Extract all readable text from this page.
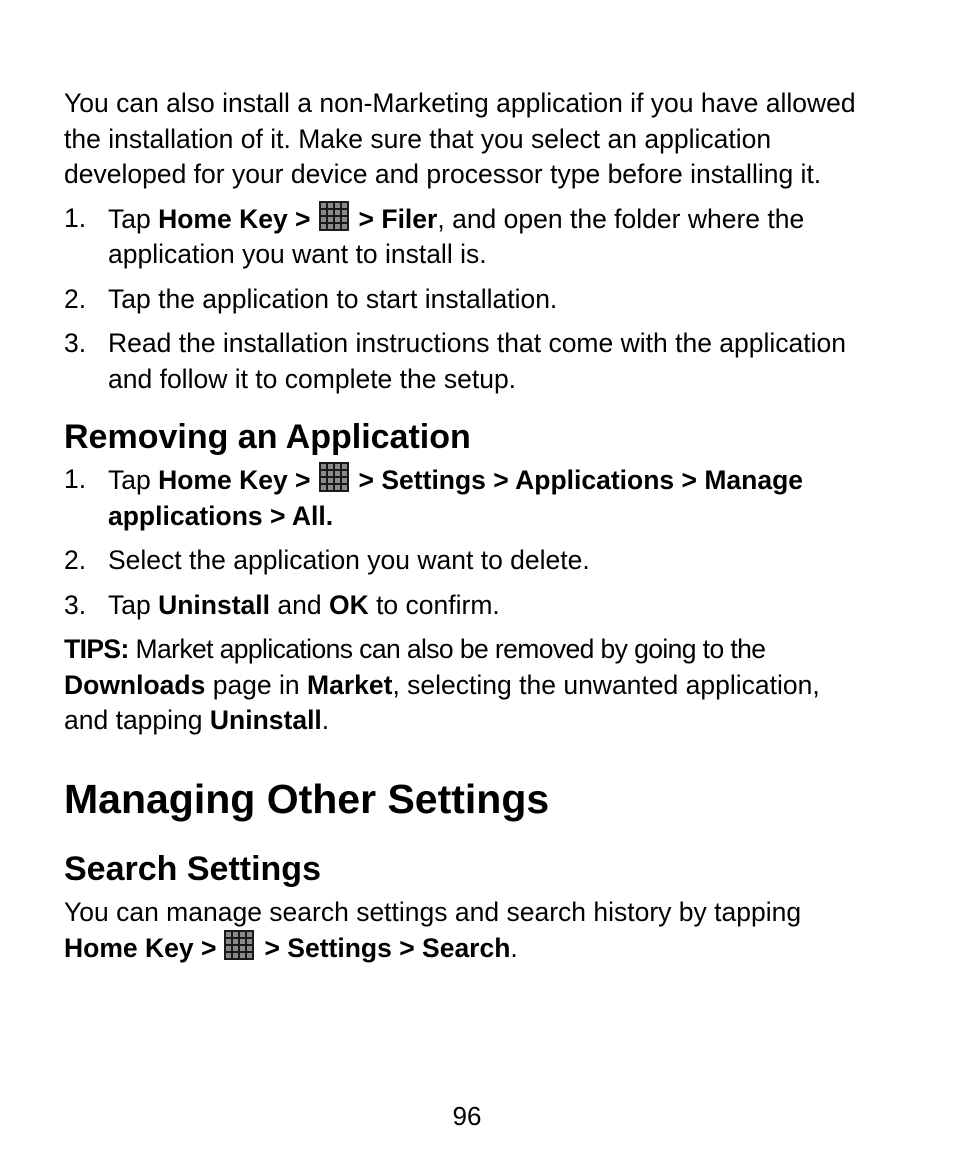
You can also install a non-Marketing application if you have allowed the installation of it. Make sure that you select an application developed for your device and processor type before installing it.

1. Tap Home Key > > Filer, and open the folder where the application you want to install is.
2. Tap the application to start installation.
3. Read the installation instructions that come with the application and follow it to complete the setup.
Removing an Application
1. Tap Home Key > > Settings > Applications > Manage applications > All.
2. Select the application you want to delete.
3. Tap Uninstall and OK to confirm.

TIPS: Market applications can also be removed by going to the Downloads page in Market, selecting the unwanted application, and tapping Uninstall.

Managing Other Settings
Search Settings

You can manage search settings and search history by tapping Home Key > > Settings > Search.

96
